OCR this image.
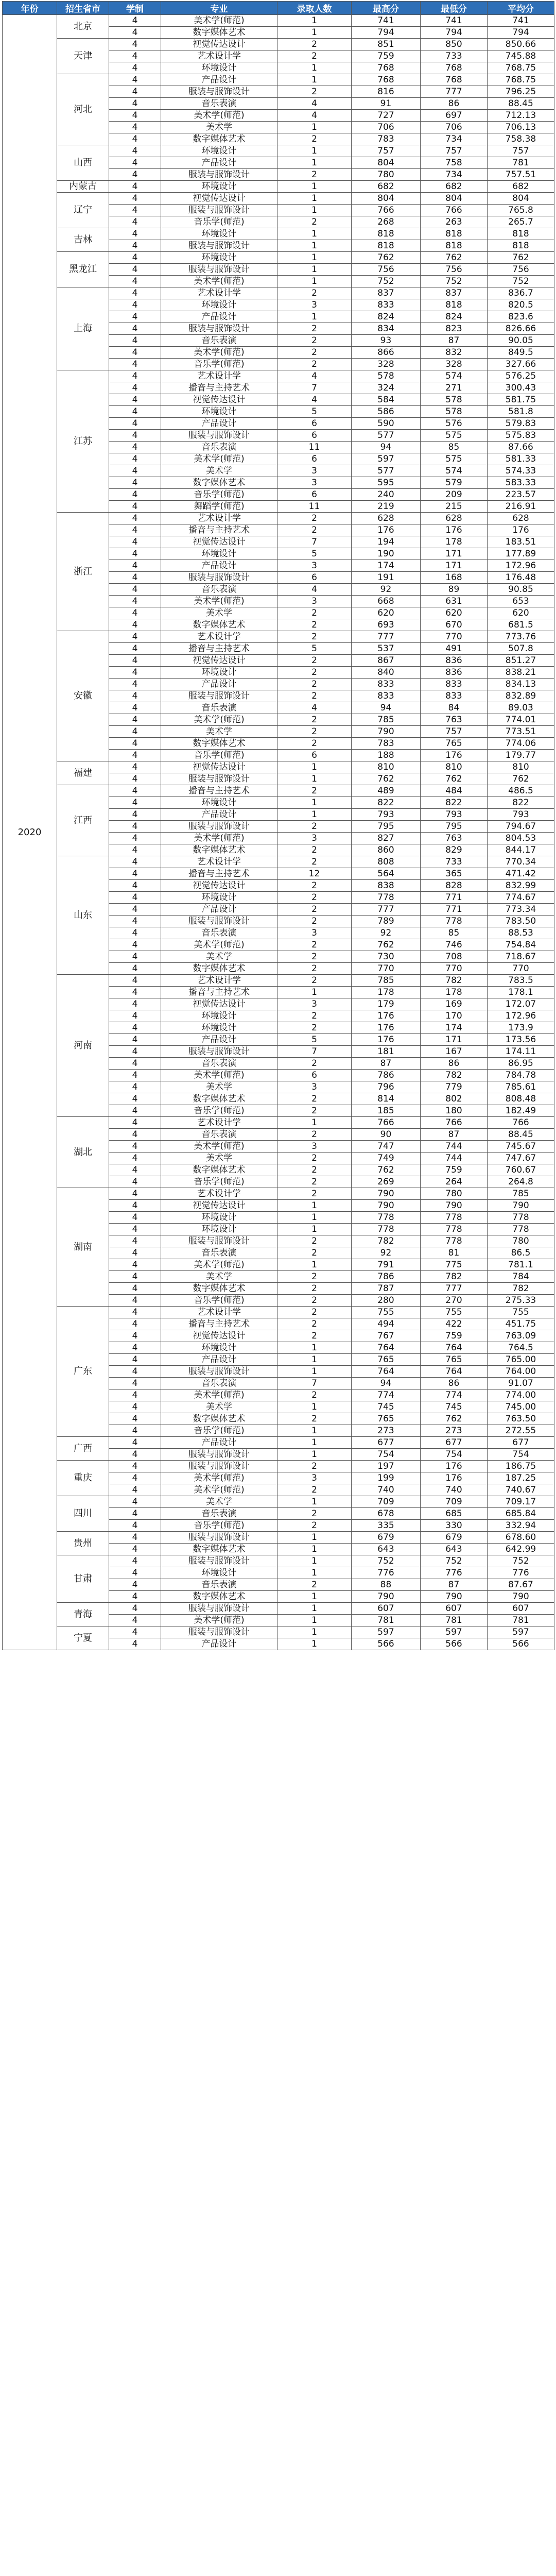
年份	招生省市	学制	专业	录取人数	最高分	最低分	平均分
2020	北京	4	美术学(师范)	1	741	741	741
		4	数字媒体艺术	1	794	794	794
	天津	4	视觉传达设计	2	851	850	850.66
		4	艺术设计学	2	759	733	745.88
		4	环境设计	1	768	768	768.75
	河北	4	产品设计	1	768	768	768.75
		4	服装与服饰设计	2	816	777	796.25
		4	音乐表演	4	91	86	88.45
		4	美术学(师范)	4	727	697	712.13
		4	美术学	1	706	706	706.13
		4	数字媒体艺术	2	783	734	758.38
	山西	4	环境设计	1	757	757	757
		4	产品设计	1	804	758	781
		4	服装与服饰设计	2	780	734	757.51
	内蒙古	4	环境设计	1	682	682	682
	辽宁	4	视觉传达设计	1	804	804	804
		4	服装与服饰设计	1	766	766	765.8
		4	音乐学(师范)	2	268	263	265.7
	吉林	4	环境设计	1	818	818	818
		4	服装与服饰设计	1	818	818	818
	黑龙江	4	环境设计	1	762	762	762
		4	服装与服饰设计	1	756	756	756
		4	美术学(师范)	1	752	752	752
	上海	4	艺术设计学	2	837	837	836.7
		4	环境设计	3	833	818	820.5
		4	产品设计	1	824	824	823.6
		4	服装与服饰设计	2	834	823	826.66
		4	音乐表演	2	93	87	90.05
		4	美术学(师范)	2	866	832	849.5
		4	音乐学(师范)	2	328	328	327.66
	江苏	4	艺术设计学	4	578	574	576.25
		4	播音与主持艺术	7	324	271	300.43
		4	视觉传达设计	4	584	578	581.75
		4	环境设计	5	586	578	581.8
		4	产品设计	6	590	576	579.83
		4	服装与服饰设计	6	577	575	575.83
		4	音乐表演	11	94	85	87.66
		4	美术学(师范)	6	597	575	581.33
		4	美术学	3	577	574	574.33
		4	数字媒体艺术	3	595	579	583.33
		4	音乐学(师范)	6	240	209	223.57
		4	舞蹈学(师范)	11	219	215	216.91
	浙江	4	艺术设计学	2	628	628	628
		4	播音与主持艺术	2	176	176	176
		4	视觉传达设计	7	194	178	183.51
		4	环境设计	5	190	171	177.89
		4	产品设计	3	174	171	172.96
		4	服装与服饰设计	6	191	168	176.48
		4	音乐表演	4	92	89	90.85
		4	美术学(师范)	3	668	631	653
		4	美术学	2	620	620	620
		4	数字媒体艺术	2	693	670	681.5
	安徽	4	艺术设计学	2	777	770	773.76
		4	播音与主持艺术	5	537	491	507.8
		4	视觉传达设计	2	867	836	851.27
		4	环境设计	2	840	836	838.21
		4	产品设计	2	833	833	834.13
		4	服装与服饰设计	2	833	833	832.89
		4	音乐表演	4	94	84	89.03
		4	美术学(师范)	2	785	763	774.01
		4	美术学	2	790	757	773.51
		4	数字媒体艺术	2	783	765	774.06
		4	音乐学(师范)	6	188	176	179.77
	福建	4	视觉传达设计	1	810	810	810
		4	服装与服饰设计	1	762	762	762
	江西	4	播音与主持艺术	2	489	484	486.5
		4	环境设计	1	822	822	822
		4	产品设计	1	793	793	793
		4	服装与服饰设计	2	795	795	794.67
		4	美术学(师范)	3	827	763	804.53
		4	数字媒体艺术	2	860	829	844.17
	山东	4	艺术设计学	2	808	733	770.34
		4	播音与主持艺术	12	564	365	471.42
		4	视觉传达设计	2	838	828	832.99
		4	环境设计	2	778	771	774.67
		4	产品设计	2	777	771	773.34
		4	服装与服饰设计	2	789	778	783.50
		4	音乐表演	3	92	85	88.53
		4	美术学(师范)	2	762	746	754.84
		4	美术学	2	730	708	718.67
		4	数字媒体艺术	2	770	770	770
	河南	4	艺术设计学	2	785	782	783.5
		4	播音与主持艺术	1	178	178	178.1
		4	视觉传达设计	3	179	169	172.07
		4	环境设计	2	176	170	172.96
		4	环境设计	2	176	174	173.9
		4	产品设计	5	176	171	173.56
		4	服装与服饰设计	7	181	167	174.11
		4	音乐表演	2	87	86	86.95
		4	美术学(师范)	6	786	782	784.78
		4	美术学	3	796	779	785.61
		4	数字媒体艺术	2	814	802	808.48
		4	音乐学(师范)	2	185	180	182.49
	湖北	4	艺术设计学	1	766	766	766
		4	音乐表演	2	90	87	88.45
		4	美术学(师范)	3	747	744	745.67
		4	美术学	2	749	744	747.67
		4	数字媒体艺术	2	762	759	760.67
		4	音乐学(师范)	2	269	264	264.8
	湖南	4	艺术设计学	2	790	780	785
		4	视觉传达设计	1	790	790	790
		4	环境设计	1	778	778	778
		4	环境设计	1	778	778	778
		4	服装与服饰设计	2	782	778	780
		4	音乐表演	2	92	81	86.5
		4	美术学(师范)	1	791	775	781.1
		4	美术学	2	786	782	784
		4	数字媒体艺术	2	787	777	782
		4	音乐学(师范)	2	280	270	275.33
	广东	4	艺术设计学	2	755	755	755
		4	播音与主持艺术	2	494	422	451.75
		4	视觉传达设计	2	767	759	763.09
		4	环境设计	1	764	764	764.5
		4	产品设计	1	765	765	765.00
		4	服装与服饰设计	1	764	764	764.00
		4	音乐表演	7	94	86	91.07
		4	美术学(师范)	2	774	774	774.00
		4	美术学	1	745	745	745.00
		4	数字媒体艺术	2	765	762	763.50
		4	音乐学(师范)	1	273	273	272.55
	广西	4	产品设计	1	677	677	677
		4	服装与服饰设计	1	754	754	754
	重庆	4	服装与服饰设计	2	197	176	186.75
		4	美术学(师范)	3	199	176	187.25
		4	美术学(师范)	2	740	740	740.67
	四川	4	美术学	1	709	709	709.17
		4	音乐表演	2	678	685	685.84
		4	音乐学(师范)	2	335	330	332.94
	贵州	4	服装与服饰设计	1	679	679	678.60
		4	数字媒体艺术	1	643	643	642.99
	甘肃	4	服装与服饰设计	1	752	752	752
		4	环境设计	1	776	776	776
		4	音乐表演	2	88	87	87.67
		4	数字媒体艺术	1	790	790	790
	青海	4	服装与服饰设计	1	607	607	607
		4	美术学(师范)	1	781	781	781
	宁夏	4	服装与服饰设计	1	597	597	597
		4	产品设计	1	566	566	566
